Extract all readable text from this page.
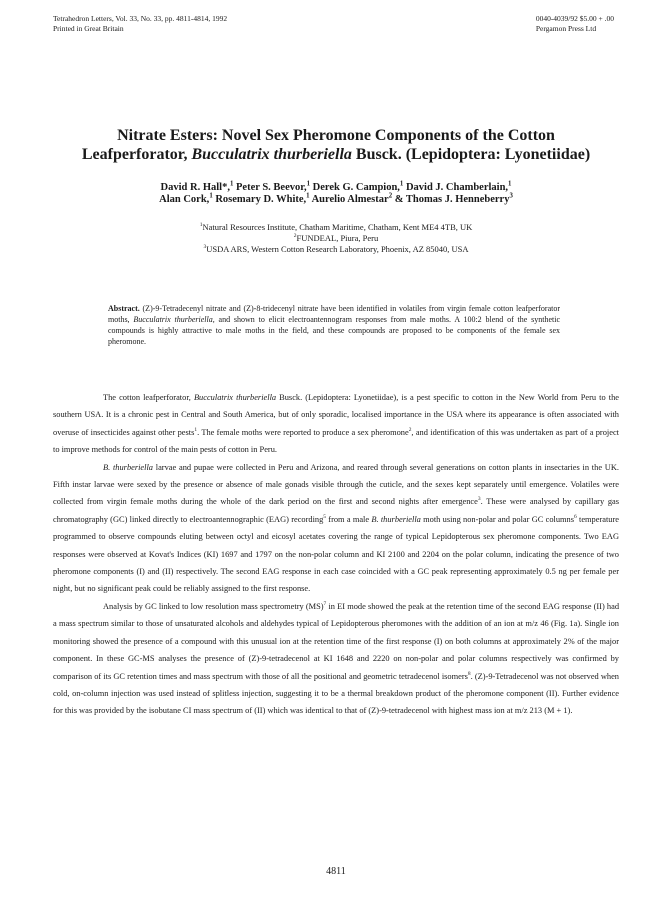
Tetrahedron Letters, Vol. 33, No. 33, pp. 4811-4814, 1992
Printed in Great Britain
0040-4039/92 $5.00 + .00
Pergamon Press Ltd
Nitrate Esters: Novel Sex Pheromone Components of the Cotton
Leafperforator, Bucculatrix thurberiella Busck. (Lepidoptera: Lyonetiidae)
David R. Hall*,$^1$ Peter S. Beevor,$^1$ Derek G. Campion,$^1$ David J. Chamberlain,$^1$
Alan Cork,$^1$ Rosemary D. White,$^1$ Aurelio Almestar$^2$ & Thomas J. Henneberry$^3$
$^1$Natural Resources Institute, Chatham Maritime, Chatham, Kent ME4 4TB, UK
$^2$FUNDEAL, Piura, Peru
$^3$USDA ARS, Western Cotton Research Laboratory, Phoenix, AZ 85040, USA
Abstract. (Z)-9-Tetradecenyl nitrate and (Z)-8-tridecenyl nitrate have been identified in volatiles from virgin female cotton leafperforator moths, Bucculatrix thurberiella, and shown to elicit electroantennogram responses from male moths. A 100:2 blend of the synthetic compounds is highly attractive to male moths in the field, and these compounds are proposed to be components of the female sex pheromone.

The cotton leafperforator, Bucculatrix thurberiella Busck. (Lepidoptera: Lyonetiidae), is a pest specific to cotton in the New World from Peru to the southern USA. It is a chronic pest in Central and South America, but of only sporadic, localised importance in the USA where its appearance is often associated with overuse of insecticides against other pests$^1$. The female moths were reported to produce a sex pheromone$^2$, and identification of this was undertaken as part of a project to improve methods for control of the main pests of cotton in Peru.

B. thurberiella larvae and pupae were collected in Peru and Arizona, and reared through several generations on cotton plants in insectaries in the UK. Fifth instar larvae were sexed by the presence or absence of male gonads visible through the cuticle, and the sexes kept separately until emergence. Volatiles were collected from virgin female moths during the whole of the dark period on the first and second nights after emergence$^3$. These were analysed by capillary gas chromatography (GC) linked directly to electroantennographic (EAG) recording$^5$ from a male B. thurberiella moth using non-polar and polar GC columns$^6$ temperature programmed to observe compounds eluting between octyl and eicosyl acetates covering the range of typical Lepidopterous sex pheromone components. Two EAG responses were observed at Kovat's Indices (KI) 1697 and 1797 on the non-polar column and KI 2100 and 2204 on the polar column, indicating the presence of two pheromone components (I) and (II) respectively. The second EAG response in each case coincided with a GC peak representing approximately 0.5 ng per female per night, but no significant peak could be reliably assigned to the first response.

Analysis by GC linked to low resolution mass spectrometry (MS)$^7$ in EI mode showed the peak at the retention time of the second EAG response (II) had a mass spectrum similar to those of unsaturated alcohols and aldehydes typical of Lepidopterous pheromones with the addition of an ion at m/z 46 (Fig. 1a). Single ion monitoring showed the presence of a compound with this unusual ion at the retention time of the first response (I) on both columns at approximately 2% of the major component. In these GC-MS analyses the presence of (Z)-9-tetradecenol at KI 1648 and 2220 on non-polar and polar columns respectively was confirmed by comparison of its GC retention times and mass spectrum with those of all the positional and geometric tetradecenol isomers$^8$. (Z)-9-Tetradecenol was not observed when cold, on-column injection was used instead of splitless injection, suggesting it to be a thermal breakdown product of the pheromone component (II). Further evidence for this was provided by the isobutane CI mass spectrum of (II) which was identical to that of (Z)-9-tetradecenol with highest mass ion at m/z 213 (M + 1).

4811
